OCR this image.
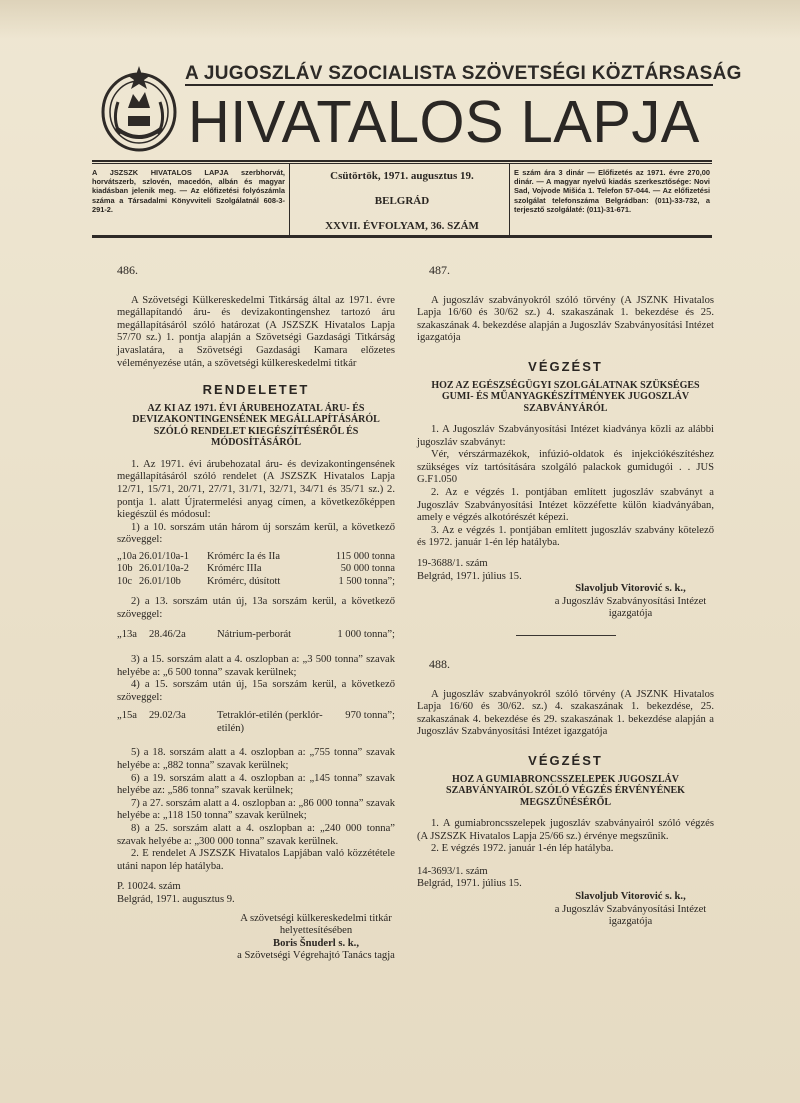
A JUGOSZLÁV SZOCIALISTA SZÖVETSÉGI KÖZTÁRSASÁG
HIVATALOS LAPJA
A JSZSZK HIVATALOS LAPJA szerbhorvát, horvátszerb, szlovén, macedón, albán és magyar kiadásban jelenik meg. — Az előfizetési folyószámla száma a Társadalmi Könyvviteli Szolgálatnál 608-3-291-2.
Csütörtök, 1971. augusztus 19.
BELGRÁD
XXVII. ÉVFOLYAM, 36. SZÁM
E szám ára 3 dinár — Előfizetés az 1971. évre 270,00 dinár. — A magyar nyelvű kiadás szerkesztősége: Novi Sad, Vojvode Mišića 1. Telefon 57-044. — Az előfizetési szolgálat telefonszáma Belgrádban: (011)-33-732, a terjesztő szolgálaté: (011)-31-671.
486.

A Szövetségi Külkereskedelmi Titkárság által az 1971. évre megállapítandó áru- és devizakontingenshez tartozó áru megállapításáról szóló határozat (A JSZSZK Hivatalos Lapja 57/70 sz.) 1. pontja alapján a Szövetségi Gazdasági Titkárság javaslatára, a Szövetségi Gazdasági Kamara előzetes véleményezése után, a szövetségi külkereskedelmi titkár

RENDELETET
AZ KI AZ 1971. ÉVI ÁRUBEHOZATAL ÁRU- ÉS DEVIZAKONTINGENSÉNEK MEGÁLLAPÍTÁSÁRÓL SZÓLÓ RENDELET KIEGÉSZÍTÉSÉRŐL ÉS MÓDOSÍTÁSÁRÓL

1. Az 1971. évi árubehozatal áru- és devizakontingensének megállapításáról szóló rendelet (A JSZSZK Hivatalos Lapja 12/71, 15/71, 20/71, 27/71, 31/71, 32/71, 34/71 és 35/71 sz.) 2. pontja 1. alatt Újratermelési anyag címen, a következőképpen kiegészül és módosul:

1) a 10. sorszám után három új sorszám kerül, a következő szöveggel:

„10a 26.01/10a-1	Krómérc Ia és IIa	115 000 tonna
10b 26.01/10a-2	Krómérc IIIa	50 000 tonna
10c 26.01/10b	Krómérc, dúsított	1 500 tonna”;

2) a 13. sorszám után új, 13a sorszám kerül, a következő szöveggel:

„13a	28.46/2a	Nátrium-perborát	1 000 tonna”;

3) a 15. sorszám alatt a 4. oszlopban a: „3 500 tonna” szavak helyébe a: „6 500 tonna” szavak kerülnek;

4) a 15. sorszám után új, 15a sorszám kerül, a következő szöveggel:

„15a	29.02/3a	Tetraklór-etilén (perklór-etilén)
970 tonna”;

5) a 18. sorszám alatt a 4. oszlopban a: „755 tonna” szavak helyébe a: „882 tonna” szavak kerülnek;

6) a 19. sorszám alatt a 4. oszlopban a: „145 tonna” szavak helyébe az: „586 tonna” szavak kerülnek;

7) a 27. sorszám alatt a 4. oszlopban a: „86 000 tonna” szavak helyébe a: „118 150 tonna” szavak kerülnek;

8) a 25. sorszám alatt a 4. oszlopban a: „240 000 tonna” szavak helyébe a: „300 000 tonna” szavak kerülnek.

2. E rendelet A JSZSZK Hivatalos Lapjában való közzététele utáni napon lép hatályba.

P. 10024. szám
Belgrád, 1971. augusztus 9.
A szövetségi külkereskedelmi titkár helyettesítésében
Boris Šnuderl s. k.,
a Szövetségi Végrehajtó Tanács tagja
487.

A jugoszláv szabványokról szóló törvény (A JSZNK Hivatalos Lapja 16/60 és 30/62 sz.) 4. szakaszának 1. bekezdése és 25. szakaszának 4. bekezdése alapján a Jugoszláv Szabványosítási Intézet igazgatója

VÉGZÉST
HOZ AZ EGÉSZSÉGÜGYI SZOLGÁLATNAK SZÜKSÉGES GUMI- ÉS MŰANYAGKÉSZÍTMÉNYEK JUGOSZLÁV SZABVÁNYÁRÓL

1. A Jugoszláv Szabványosítási Intézet kiadványa közli az alábbi jugoszláv szabványt:

Vér, vérszármazékok, infúzió-oldatok és injekciókészítéshez szükséges víz tartósítására szolgáló palackok gumidugói . . JUS G.F1.050

2. Az e végzés 1. pontjában említett jugoszláv szabványt a Jugoszláv Szabványosítási Intézet közzéfette külön kiadványában, amely e végzés alkotórészét képezi.

3. Az e végzés 1. pontjában említett jugoszláv szabvány kötelező és 1972. január 1-én lép hatályba.

19-3688/1. szám
Belgrád, 1971. július 15.
Slavoljub Vitorović s. k.,
a Jugoszláv Szabványosítási Intézet igazgatója
488.

A jugoszláv szabványokról szóló törvény (A JSZNK Hivatalos Lapja 16/60 és 30/62. sz.) 4. szakaszának 1. bekezdése, 25. szakaszának 4. bekezdése és 29. szakaszának 1. bekezdése alapján a Jugoszláv Szabványosítási Intézet igazgatója

VÉGZÉST
HOZ A GUMIABRONCSSZELEPEK JUGOSZLÁV SZABVÁNYAIRÓL SZÓLÓ VÉGZÉS ÉRVÉNYÉNEK MEGSZŰNÉSÉRŐL

1. A gumiabroncsszelepek jugoszláv szabványairól szóló végzés (A JSZSZK Hivatalos Lapja 25/66 sz.) érvénye megszűnik.

2. E végzés 1972. január 1-én lép hatályba.

14-3693/1. szám
Belgrád, 1971. július 15.
Slavoljub Vitorović s. k.,
a Jugoszláv Szabványosítási Intézet igazgatója
